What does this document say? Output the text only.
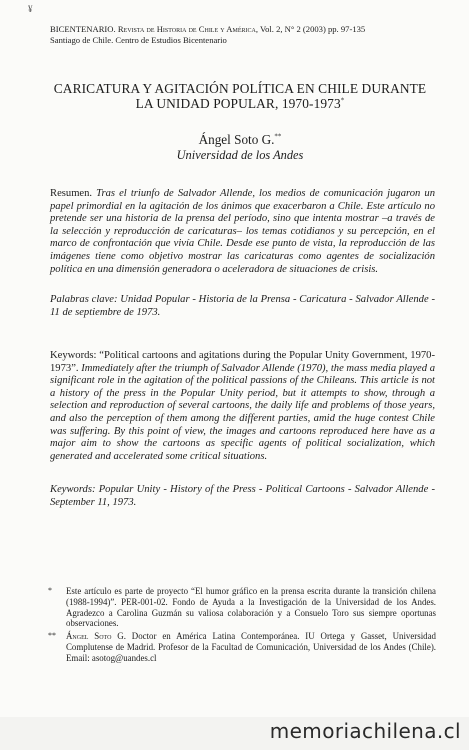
¥
BICENTENARIO. Revista de Historia de Chile y América, Vol. 2, N° 2 (2003) pp. 97-135
Santiago de Chile. Centro de Estudios Bicentenario
CARICATURA Y AGITACIÓN POLÍTICA EN CHILE DURANTE
LA UNIDAD POPULAR, 1970-1973*
Ángel Soto G.**
Universidad de los Andes
Resumen. Tras el triunfo de Salvador Allende, los medios de comunicación jugaron un papel primordial en la agitación de los ánimos que exacerbaron a Chile. Este artículo no pretende ser una historia de la prensa del período, sino que intenta mostrar –a través de la selección y reproducción de caricaturas– los temas cotidianos y su percepción, en el marco de confrontación que vivía Chile. Desde ese punto de vista, la reproducción de las imágenes tiene como objetivo mostrar las caricaturas como agentes de socialización política en una dimensión generadora o aceleradora de situaciones de crisis.
Palabras clave: Unidad Popular - Historia de la Prensa - Caricatura - Salvador Allende - 11 de septiembre de 1973.
Keywords: “Political cartoons and agitations during the Popular Unity Government, 1970-1973”. Immediately after the triumph of Salvador Allende (1970), the mass media played a significant role in the agitation of the political passions of the Chileans. This article is not a history of the press in the Popular Unity period, but it attempts to show, through a selection and reproduction of several cartoons, the daily life and problems of those years, and also the perception of them among the different parties, amid the huge contest Chile was suffering. By this point of view, the images and cartoons reproduced here have as a major aim to show the cartoons as specific agents of political socialization, which generated and accelerated some critical situations.
Keywords: Popular Unity - History of the Press - Political Cartoons - Salvador Allende - September 11, 1973.
*	Este artículo es parte de proyecto “El humor gráfico en la prensa escrita durante la transición chilena (1988-1994)”. PER-001-02. Fondo de Ayuda a la Investigación de la Universidad de los Andes. Agradezco a Carolina Guzmán su valiosa colaboración y a Consuelo Toro sus siempre oportunas observaciones.
**	Ángel Soto G. Doctor en América Latina Contemporánea. IU Ortega y Gasset, Universidad Complutense de Madrid. Profesor de la Facultad de Comunicación, Universidad de los Andes (Chile). Email: asotog@uandes.cl
memoriachilena.cl
